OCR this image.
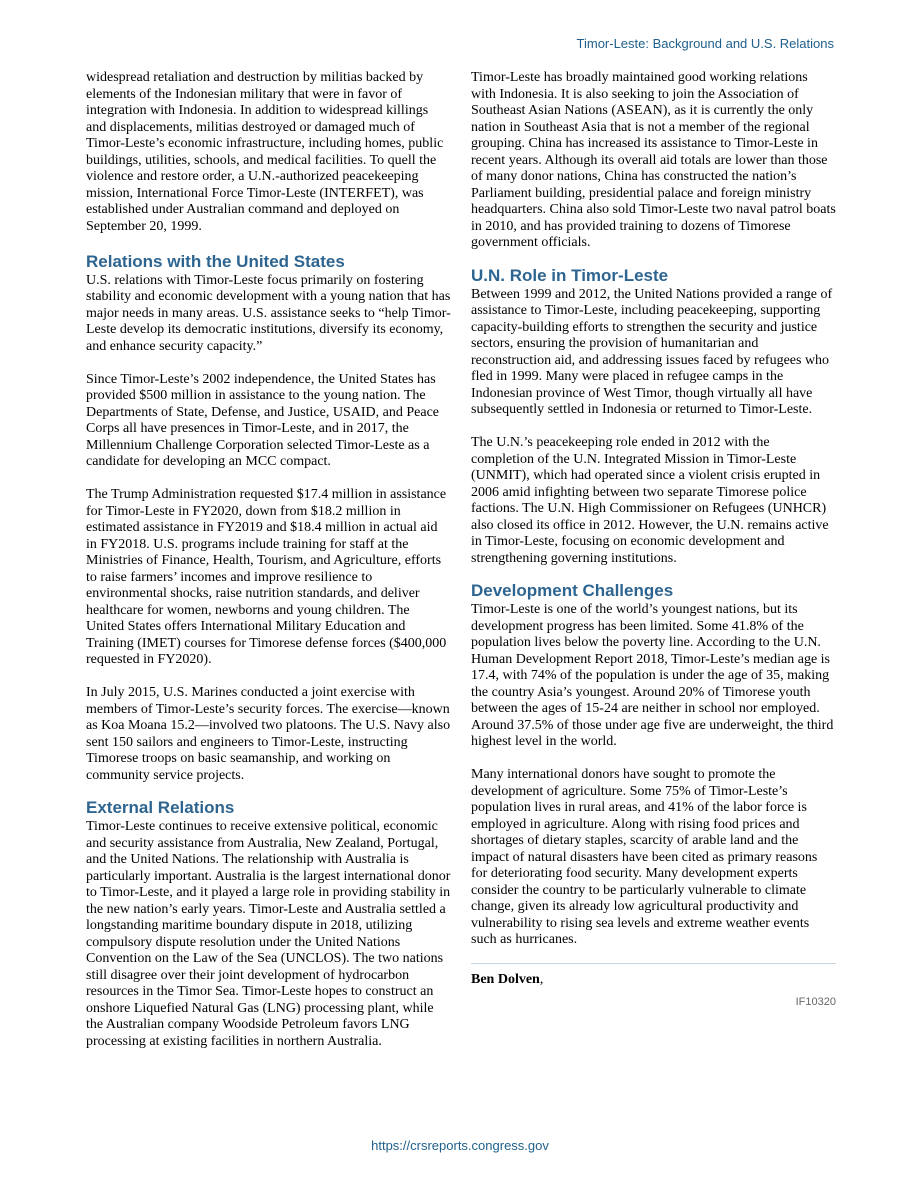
Timor-Leste: Background and U.S. Relations

widespread retaliation and destruction by militias backed by elements of the Indonesian military that were in favor of integration with Indonesia. In addition to widespread killings and displacements, militias destroyed or damaged much of Timor-Leste’s economic infrastructure, including homes, public buildings, utilities, schools, and medical facilities. To quell the violence and restore order, a U.N.-authorized peacekeeping mission, International Force Timor-Leste (INTERFET), was established under Australian command and deployed on September 20, 1999.

Relations with the United States

U.S. relations with Timor-Leste focus primarily on fostering stability and economic development with a young nation that has major needs in many areas. U.S. assistance seeks to “help Timor-Leste develop its democratic institutions, diversify its economy, and enhance security capacity.”

Since Timor-Leste’s 2002 independence, the United States has provided $500 million in assistance to the young nation. The Departments of State, Defense, and Justice, USAID, and Peace Corps all have presences in Timor-Leste, and in 2017, the Millennium Challenge Corporation selected Timor-Leste as a candidate for developing an MCC compact.

The Trump Administration requested $17.4 million in assistance for Timor-Leste in FY2020, down from $18.2 million in estimated assistance in FY2019 and $18.4 million in actual aid in FY2018. U.S. programs include training for staff at the Ministries of Finance, Health, Tourism, and Agriculture, efforts to raise farmers’ incomes and improve resilience to environmental shocks, raise nutrition standards, and deliver healthcare for women, newborns and young children. The United States offers International Military Education and Training (IMET) courses for Timorese defense forces ($400,000 requested in FY2020).

In July 2015, U.S. Marines conducted a joint exercise with members of Timor-Leste’s security forces. The exercise—known as Koa Moana 15.2—involved two platoons. The U.S. Navy also sent 150 sailors and engineers to Timor-Leste, instructing Timorese troops on basic seamanship, and working on community service projects.

External Relations

Timor-Leste continues to receive extensive political, economic and security assistance from Australia, New Zealand, Portugal, and the United Nations. The relationship with Australia is particularly important. Australia is the largest international donor to Timor-Leste, and it played a large role in providing stability in the new nation’s early years. Timor-Leste and Australia settled a longstanding maritime boundary dispute in 2018, utilizing compulsory dispute resolution under the United Nations Convention on the Law of the Sea (UNCLOS). The two nations still disagree over their joint development of hydrocarbon resources in the Timor Sea. Timor-Leste hopes to construct an onshore Liquefied Natural Gas (LNG) processing plant, while the Australian company Woodside Petroleum favors LNG processing at existing facilities in northern Australia.

Timor-Leste has broadly maintained good working relations with Indonesia. It is also seeking to join the Association of Southeast Asian Nations (ASEAN), as it is currently the only nation in Southeast Asia that is not a member of the regional grouping. China has increased its assistance to Timor-Leste in recent years. Although its overall aid totals are lower than those of many donor nations, China has constructed the nation’s Parliament building, presidential palace and foreign ministry headquarters. China also sold Timor-Leste two naval patrol boats in 2010, and has provided training to dozens of Timorese government officials.

U.N. Role in Timor-Leste

Between 1999 and 2012, the United Nations provided a range of assistance to Timor-Leste, including peacekeeping, supporting capacity-building efforts to strengthen the security and justice sectors, ensuring the provision of humanitarian and reconstruction aid, and addressing issues faced by refugees who fled in 1999. Many were placed in refugee camps in the Indonesian province of West Timor, though virtually all have subsequently settled in Indonesia or returned to Timor-Leste.

The U.N.’s peacekeeping role ended in 2012 with the completion of the U.N. Integrated Mission in Timor-Leste (UNMIT), which had operated since a violent crisis erupted in 2006 amid infighting between two separate Timorese police factions. The U.N. High Commissioner on Refugees (UNHCR) also closed its office in 2012. However, the U.N. remains active in Timor-Leste, focusing on economic development and strengthening governing institutions.

Development Challenges

Timor-Leste is one of the world’s youngest nations, but its development progress has been limited. Some 41.8% of the population lives below the poverty line. According to the U.N. Human Development Report 2018, Timor-Leste’s median age is 17.4, with 74% of the population is under the age of 35, making the country Asia’s youngest. Around 20% of Timorese youth between the ages of 15-24 are neither in school nor employed. Around 37.5% of those under age five are underweight, the third highest level in the world.

Many international donors have sought to promote the development of agriculture. Some 75% of Timor-Leste’s population lives in rural areas, and 41% of the labor force is employed in agriculture. Along with rising food prices and shortages of dietary staples, scarcity of arable land and the impact of natural disasters have been cited as primary reasons for deteriorating food security. Many development experts consider the country to be particularly vulnerable to climate change, given its already low agricultural productivity and vulnerability to rising sea levels and extreme weather events such as hurricanes.

Ben Dolven,
IF10320
https://crsreports.congress.gov
